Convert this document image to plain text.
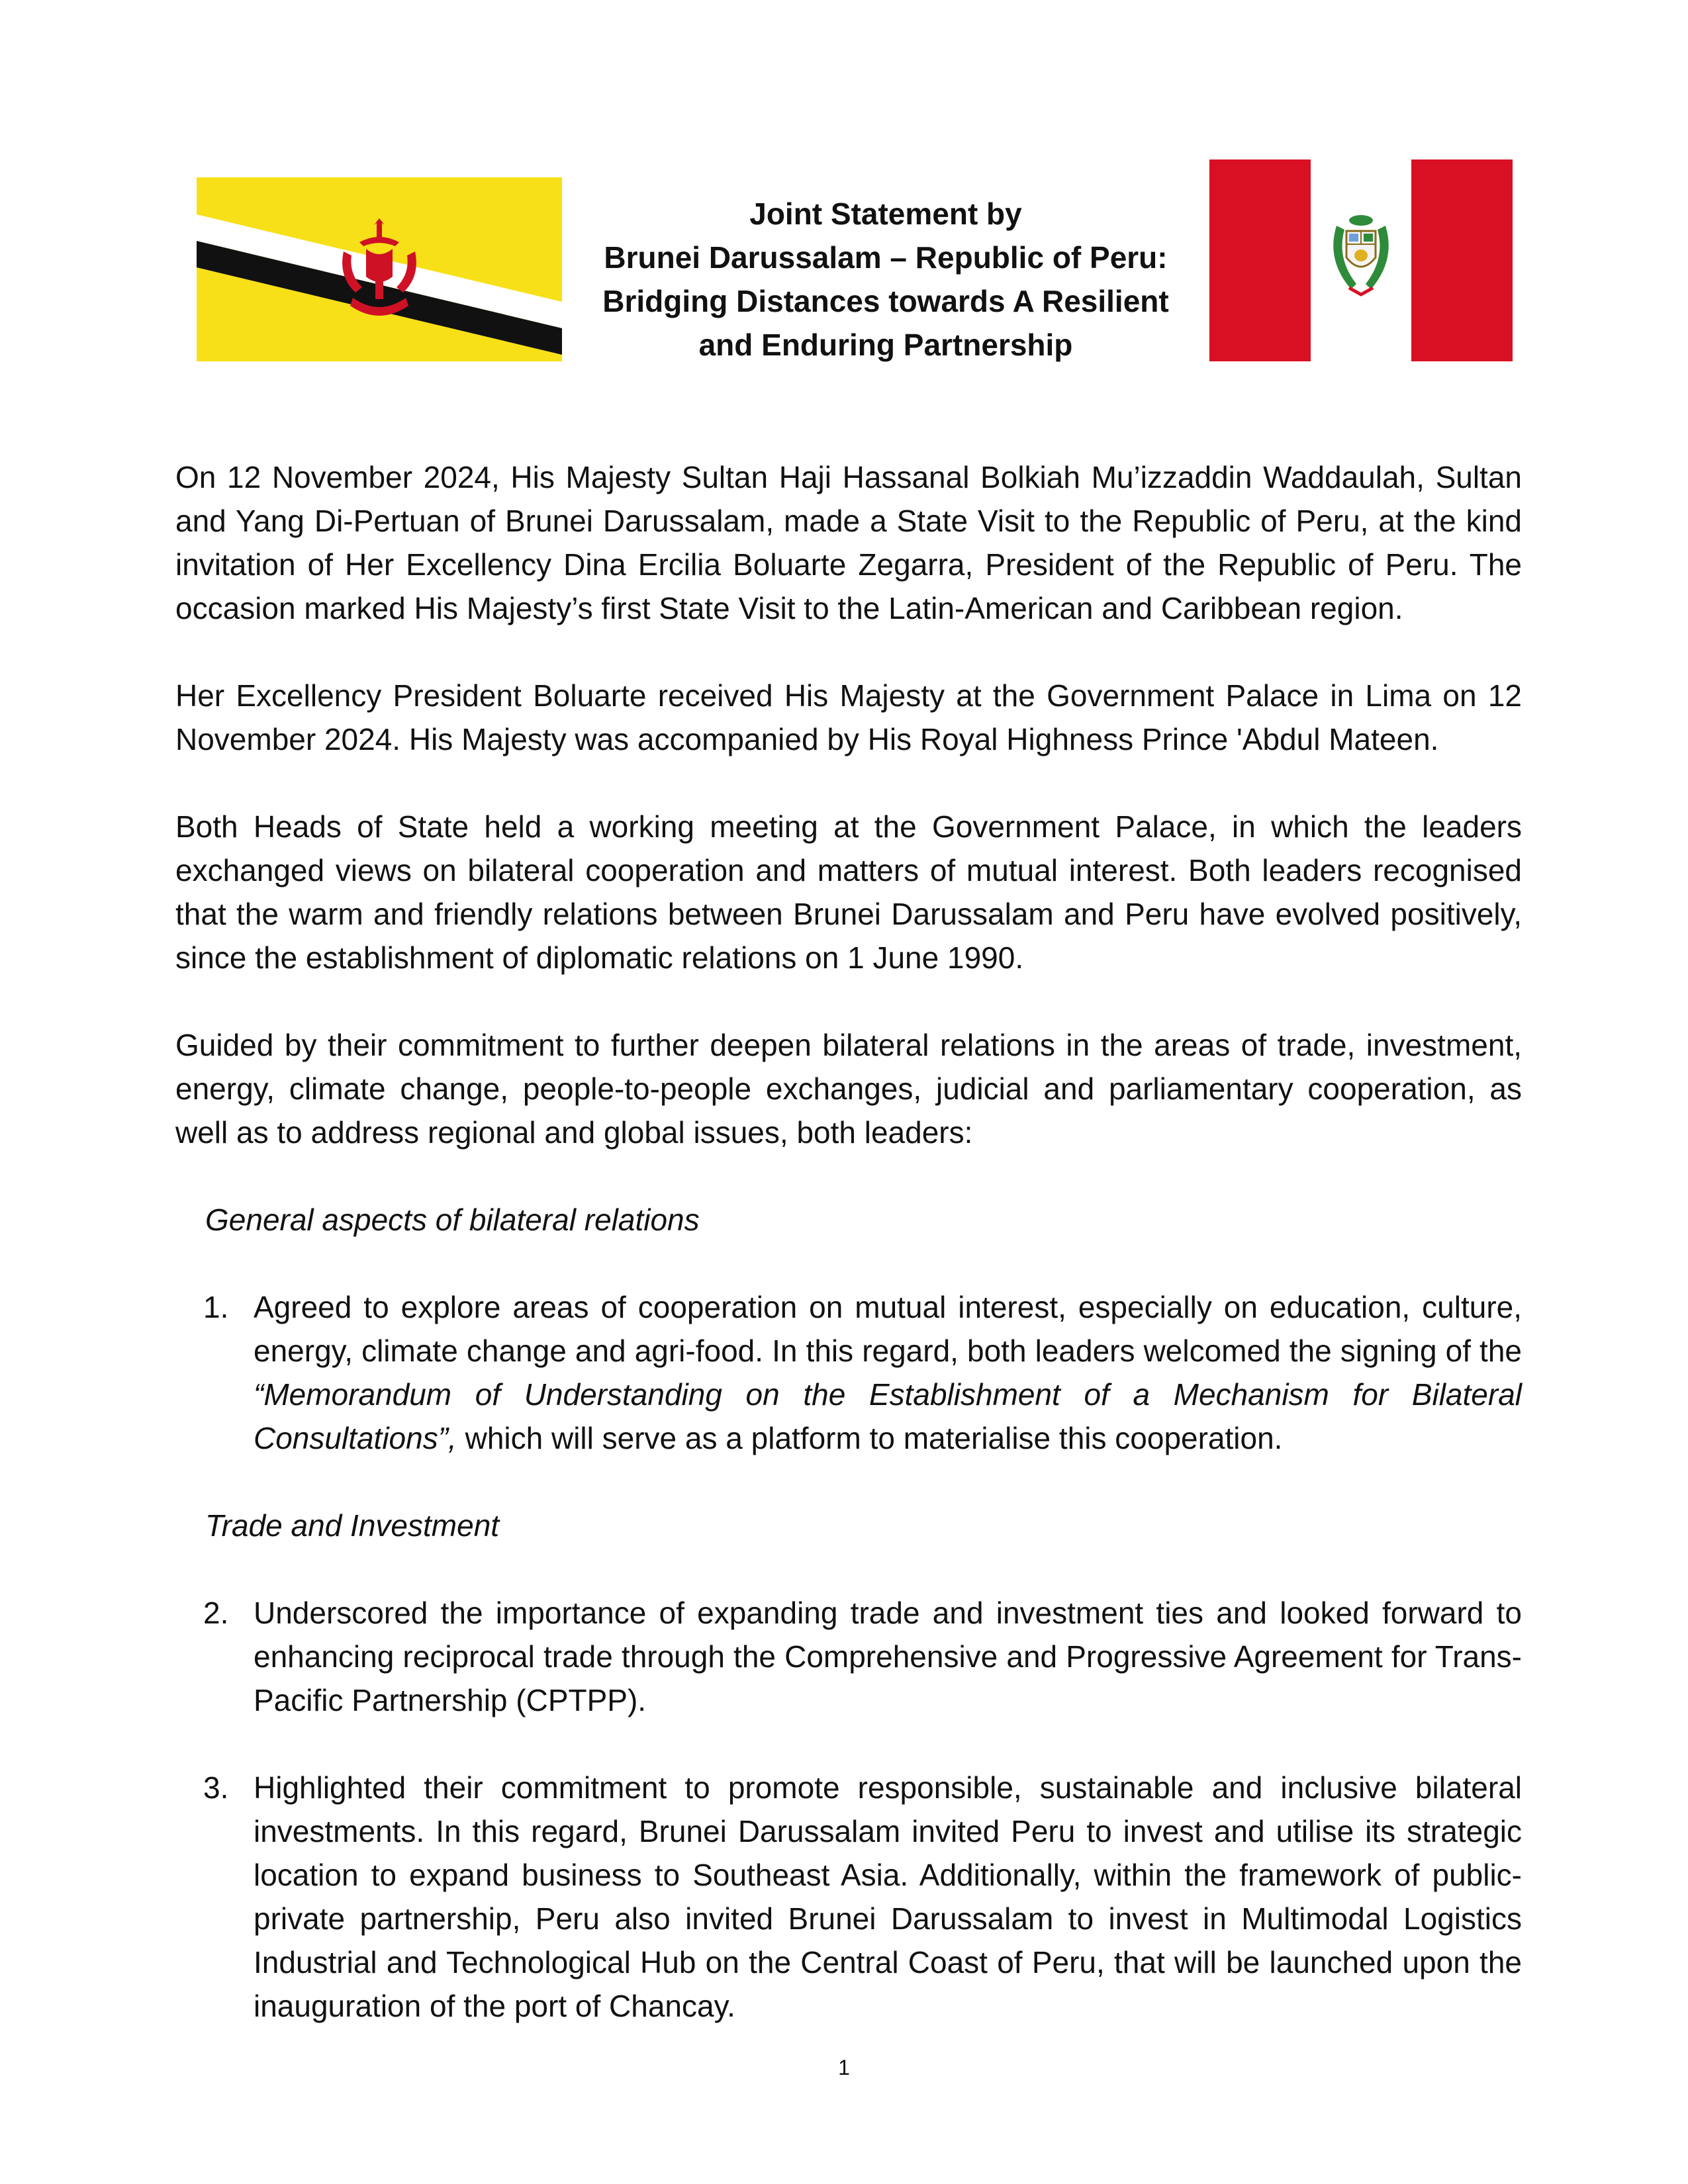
Joint Statement by
Brunei Darussalam – Republic of Peru:
Bridging Distances towards A Resilient
and Enduring Partnership

On 12 November 2024, His Majesty Sultan Haji Hassanal Bolkiah Mu’izzaddin Waddaulah, Sultan and Yang Di-Pertuan of Brunei Darussalam, made a State Visit to the Republic of Peru, at the kind invitation of Her Excellency Dina Ercilia Boluarte Zegarra, President of the Republic of Peru. The occasion marked His Majesty’s first State Visit to the Latin-American and Caribbean region.

Her Excellency President Boluarte received His Majesty at the Government Palace in Lima on 12 November 2024. His Majesty was accompanied by His Royal Highness Prince 'Abdul Mateen.

Both Heads of State held a working meeting at the Government Palace, in which the leaders exchanged views on bilateral cooperation and matters of mutual interest. Both leaders recognised that the warm and friendly relations between Brunei Darussalam and Peru have evolved positively, since the establishment of diplomatic relations on 1 June 1990.

Guided by their commitment to further deepen bilateral relations in the areas of trade, investment, energy, climate change, people-to-people exchanges, judicial and parliamentary cooperation, as well as to address regional and global issues, both leaders:

General aspects of bilateral relations
1. Agreed to explore areas of cooperation on mutual interest, especially on education, culture, energy, climate change and agri-food. In this regard, both leaders welcomed the signing of the “Memorandum of Understanding on the Establishment of a Mechanism for Bilateral Consultations”, which will serve as a platform to materialise this cooperation.
Trade and Investment
2. Underscored the importance of expanding trade and investment ties and looked forward to enhancing reciprocal trade through the Comprehensive and Progressive Agreement for Trans-Pacific Partnership (CPTPP).
3. Highlighted their commitment to promote responsible, sustainable and inclusive bilateral investments. In this regard, Brunei Darussalam invited Peru to invest and utilise its strategic location to expand business to Southeast Asia. Additionally, within the framework of public-private partnership, Peru also invited Brunei Darussalam to invest in Multimodal Logistics Industrial and Technological Hub on the Central Coast of Peru, that will be launched upon the inauguration of the port of Chancay.
1
